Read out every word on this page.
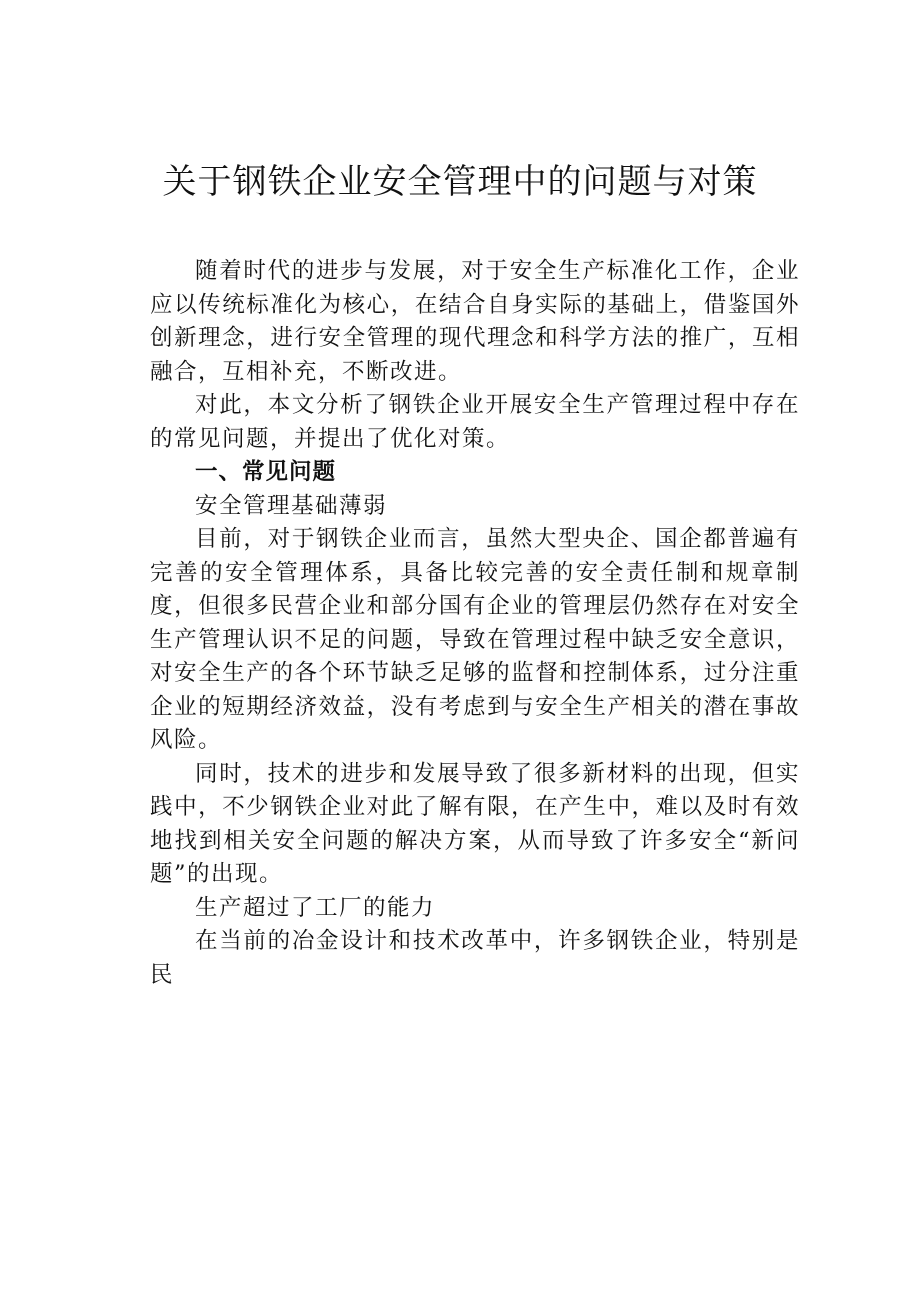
关于钢铁企业安全管理中的问题与对策

随着时代的进步与发展，对于安全生产标准化工作，企业应以传统标准化为核心，在结合自身实际的基础上，借鉴国外创新理念，进行安全管理的现代理念和科学方法的推广，互相融合，互相补充，不断改进。

对此，本文分析了钢铁企业开展安全生产管理过程中存在的常见问题，并提出了优化对策。

一、常见问题

安全管理基础薄弱

目前，对于钢铁企业而言，虽然大型央企、国企都普遍有完善的安全管理体系，具备比较完善的安全责任制和规章制度，但很多民营企业和部分国有企业的管理层仍然存在对安全生产管理认识不足的问题，导致在管理过程中缺乏安全意识，对安全生产的各个环节缺乏足够的监督和控制体系，过分注重企业的短期经济效益，没有考虑到与安全生产相关的潜在事故风险。

同时，技术的进步和发展导致了很多新材料的出现，但实践中，不少钢铁企业对此了解有限，在产生中，难以及时有效地找到相关安全问题的解决方案，从而导致了许多安全“新问题”的出现。

生产超过了工厂的能力

在当前的冶金设计和技术改革中，许多钢铁企业，特别是民
